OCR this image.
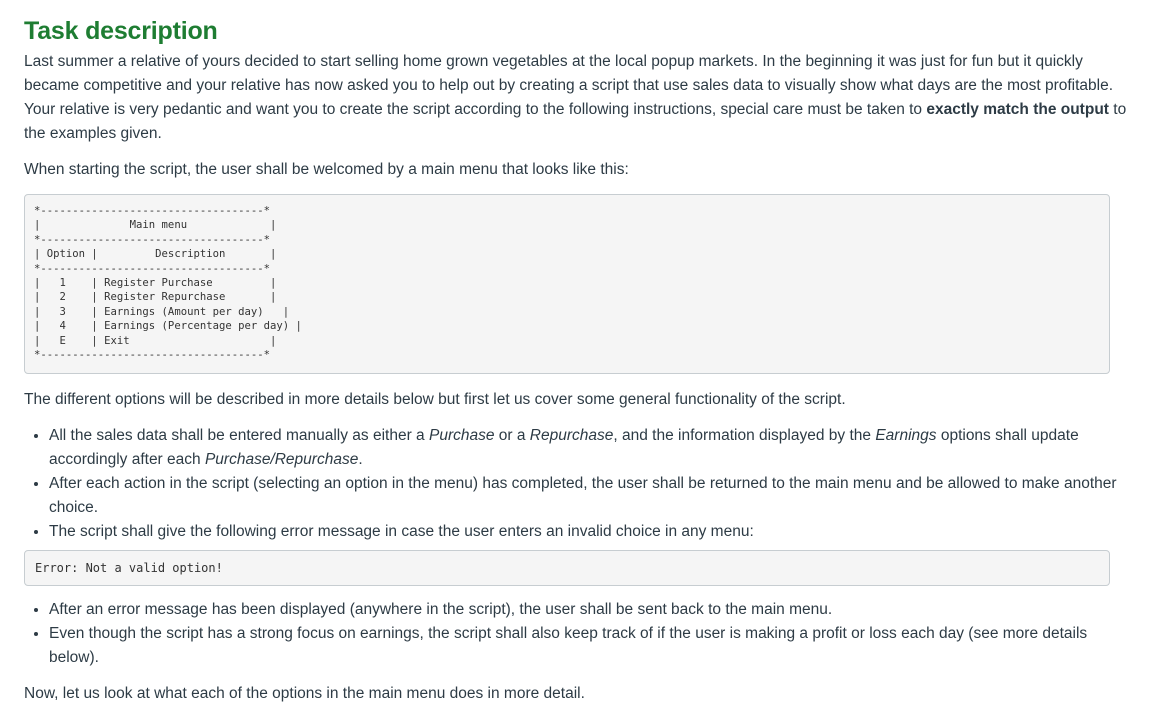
Task description

Last summer a relative of yours decided to start selling home grown vegetables at the local popup markets. In the beginning it was just for fun but it quickly became competitive and your relative has now asked you to help out by creating a script that use sales data to visually show what days are the most profitable. Your relative is very pedantic and want you to create the script according to the following instructions, special care must be taken to exactly match the output to the examples given.

When starting the script, the user shall be welcomed by a main menu that looks like this:

*-----------------------------------*
|              Main menu             |
*-----------------------------------*
| Option |         Description       |
*-----------------------------------*
|   1    | Register Purchase         |
|   2    | Register Repurchase       |
|   3    | Earnings (Amount per day)   |
|   4    | Earnings (Percentage per day) |
|   E    | Exit                      |
*-----------------------------------*

The different options will be described in more details below but first let us cover some general functionality of the script.

• All the sales data shall be entered manually as either a Purchase or a Repurchase, and the information displayed by the Earnings options shall update accordingly after each Purchase/Repurchase.
• After each action in the script (selecting an option in the menu) has completed, the user shall be returned to the main menu and be allowed to make another choice.
• The script shall give the following error message in case the user enters an invalid choice in any menu:
Error: Not a valid option!
• After an error message has been displayed (anywhere in the script), the user shall be sent back to the main menu.
• Even though the script has a strong focus on earnings, the script shall also keep track of if the user is making a profit or loss each day (see more details below).

Now, let us look at what each of the options in the main menu does in more detail.
